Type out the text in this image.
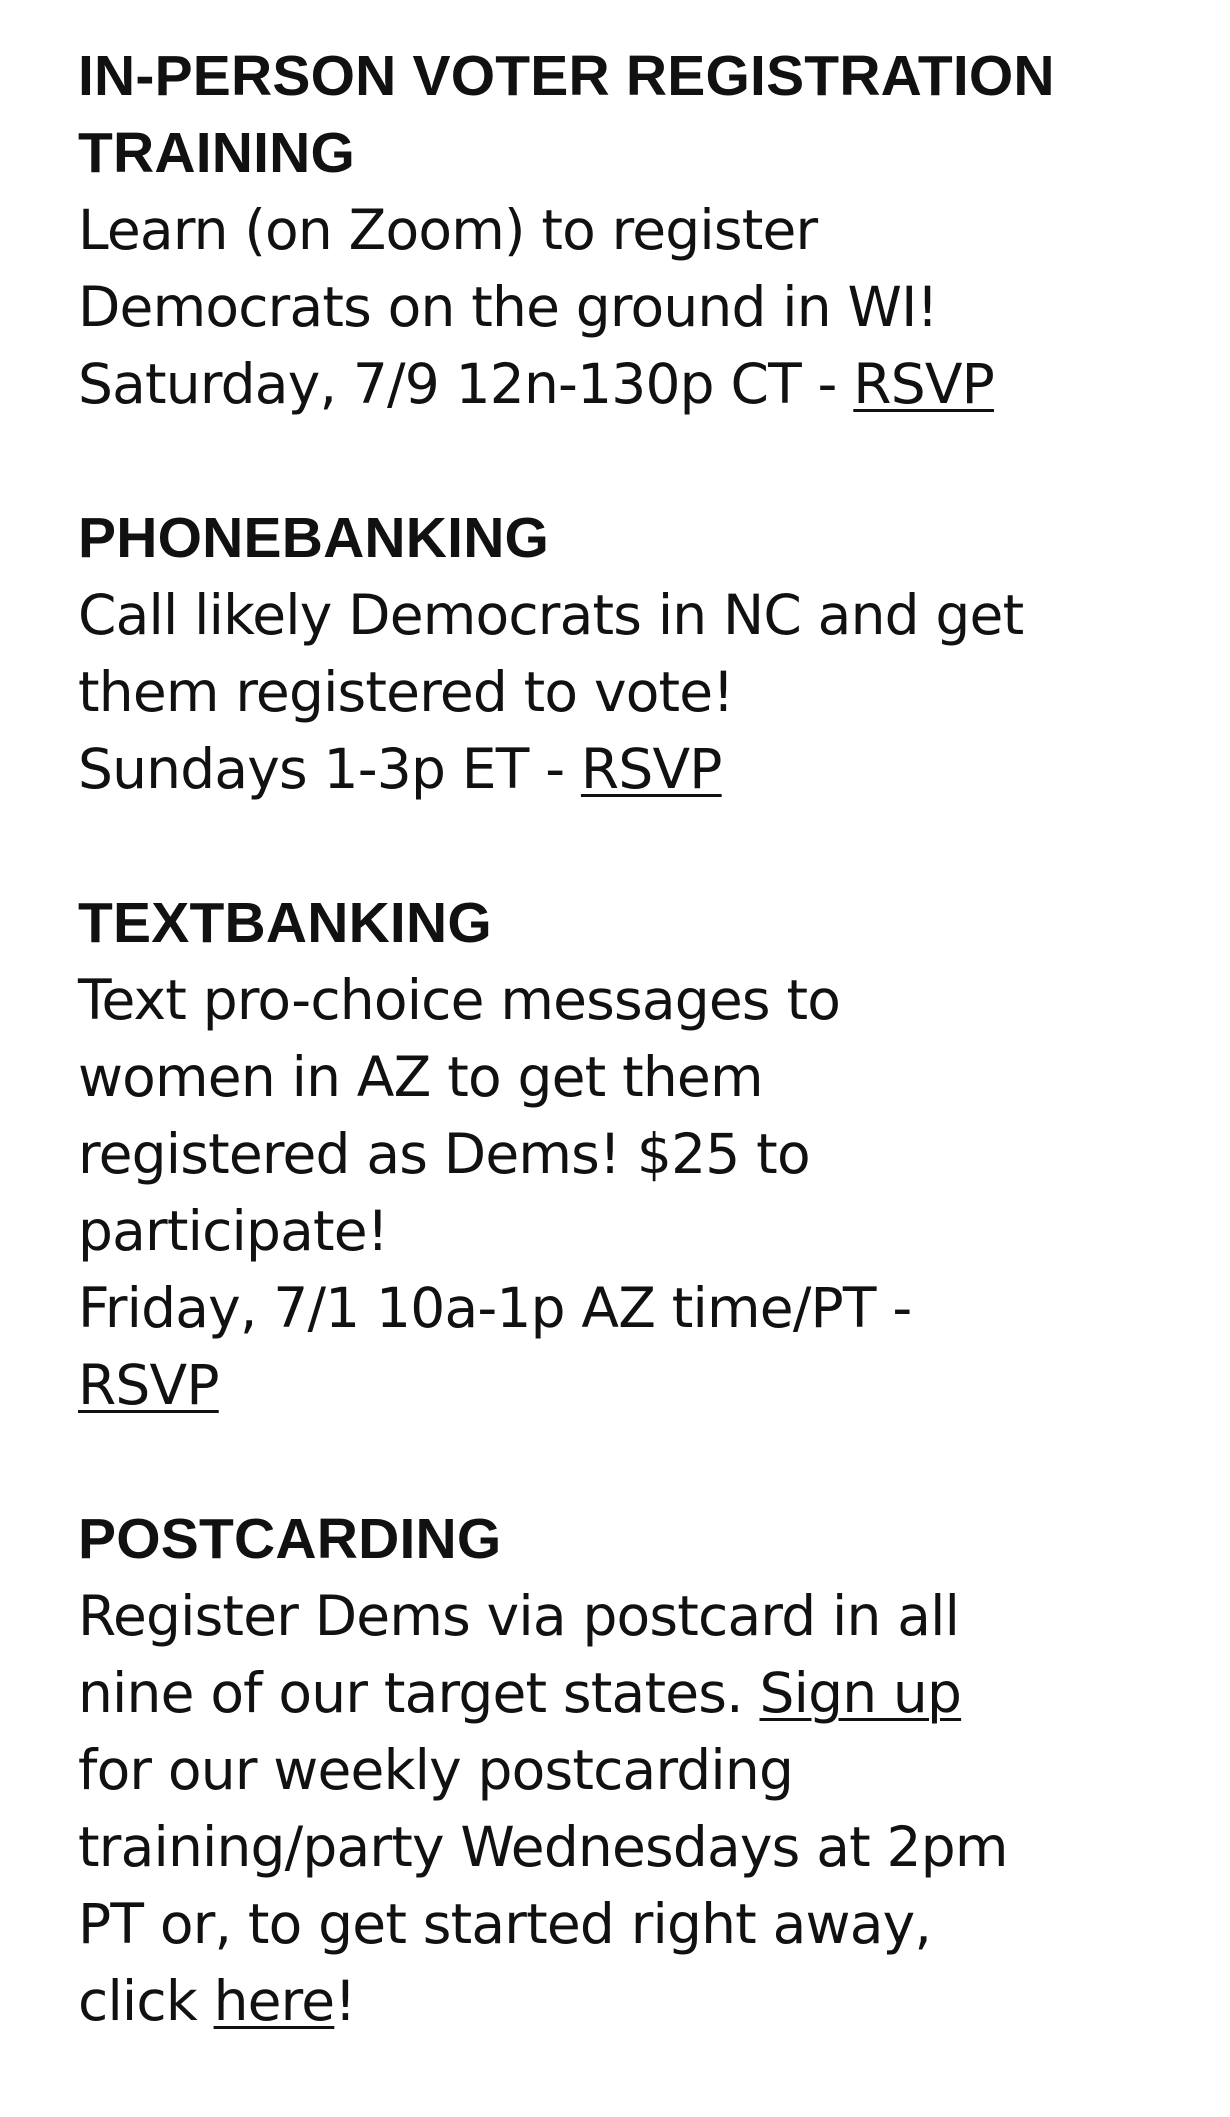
IN-PERSON VOTER REGISTRATION
TRAINING
Learn (on Zoom) to register
Democrats on the ground in WI!
Saturday, 7/9 12n-130p CT - RSVP
PHONEBANKING
Call likely Democrats in NC and get
them registered to vote!
Sundays 1-3p ET - RSVP
TEXTBANKING
Text pro-choice messages to
women in AZ to get them
registered as Dems! $25 to
participate!
Friday, 7/1 10a-1p AZ time/PT -
RSVP
POSTCARDING
Register Dems via postcard in all
nine of our target states. Sign up
for our weekly postcarding
training/party Wednesdays at 2pm
PT or, to get started right away,
click here!
